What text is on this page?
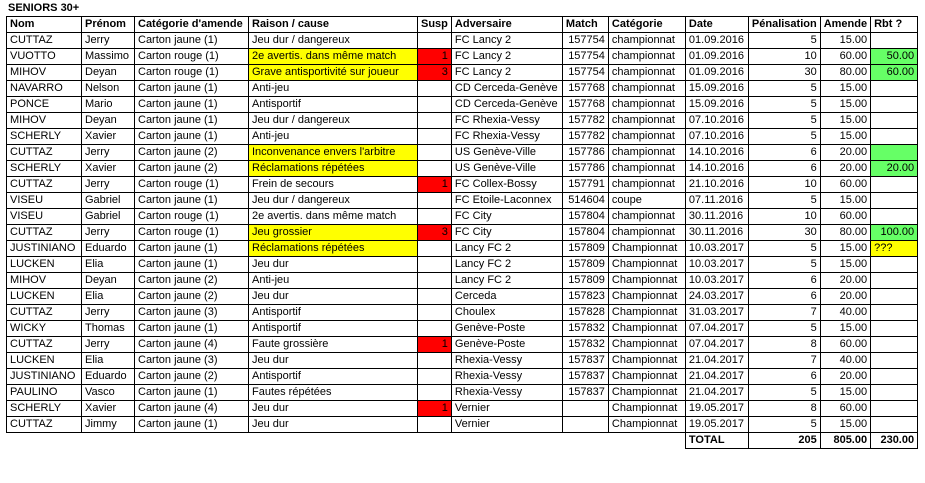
SENIORS 30+
Nom	Prénom	Catégorie d'amende	Raison / cause	Susp	Adversaire	Match	Catégorie	Date	Pénalisation	Amende	Rbt ?
CUTTAZ	Jerry	Carton jaune (1)	Jeu dur / dangereux		FC Lancy 2	157754	championnat	01.09.2016	5	15.00	
VUOTTO	Massimo	Carton rouge (1)	2e avertis. dans même match	1	FC Lancy 2	157754	championnat	01.09.2016	10	60.00	50.00
MIHOV	Deyan	Carton rouge (1)	Grave antisportivité sur joueur	3	FC Lancy 2	157754	championnat	01.09.2016	30	80.00	60.00
NAVARRO	Nelson	Carton jaune (1)	Anti-jeu		CD Cerceda-Genève	157768	championnat	15.09.2016	5	15.00	
PONCE	Mario	Carton jaune (1)	Antisportif		CD Cerceda-Genève	157768	championnat	15.09.2016	5	15.00	
MIHOV	Deyan	Carton jaune (1)	Jeu dur / dangereux		FC Rhexia-Vessy	157782	championnat	07.10.2016	5	15.00	
SCHERLY	Xavier	Carton jaune (1)	Anti-jeu		FC Rhexia-Vessy	157782	championnat	07.10.2016	5	15.00	
CUTTAZ	Jerry	Carton jaune (2)	Inconvenance envers l'arbitre		US Genève-Ville	157786	championnat	14.10.2016	6	20.00	
SCHERLY	Xavier	Carton jaune (2)	Réclamations répétées		US Genève-Ville	157786	championnat	14.10.2016	6	20.00	20.00
CUTTAZ	Jerry	Carton rouge (1)	Frein de secours	1	FC Collex-Bossy	157791	championnat	21.10.2016	10	60.00	
VISEU	Gabriel	Carton jaune (1)	Jeu dur / dangereux		FC Etoile-Laconnex	514604	coupe	07.11.2016	5	15.00	
VISEU	Gabriel	Carton rouge (1)	2e avertis. dans même match		FC City	157804	championnat	30.11.2016	10	60.00	
CUTTAZ	Jerry	Carton rouge (1)	Jeu grossier	3	FC City	157804	championnat	30.11.2016	30	80.00	100.00
JUSTINIANO	Eduardo	Carton jaune (1)	Réclamations répétées		Lancy FC 2	157809	Championnat	10.03.2017	5	15.00	???
LUCKEN	Elia	Carton jaune (1)	Jeu dur		Lancy FC 2	157809	Championnat	10.03.2017	5	15.00	
MIHOV	Deyan	Carton jaune (2)	Anti-jeu		Lancy FC 2	157809	Championnat	10.03.2017	6	20.00	
LUCKEN	Elia	Carton jaune (2)	Jeu dur		Cerceda	157823	Championnat	24.03.2017	6	20.00	
CUTTAZ	Jerry	Carton jaune (3)	Antisportif		Choulex	157828	Championnat	31.03.2017	7	40.00	
WICKY	Thomas	Carton jaune (1)	Antisportif		Genève-Poste	157832	Championnat	07.04.2017	5	15.00	
CUTTAZ	Jerry	Carton jaune (4)	Faute grossière	1	Genève-Poste	157832	Championnat	07.04.2017	8	60.00	
LUCKEN	Elia	Carton jaune (3)	Jeu dur		Rhexia-Vessy	157837	Championnat	21.04.2017	7	40.00	
JUSTINIANO	Eduardo	Carton jaune (2)	Antisportif		Rhexia-Vessy	157837	Championnat	21.04.2017	6	20.00	
PAULINO	Vasco	Carton jaune (1)	Fautes répétées		Rhexia-Vessy	157837	Championnat	21.04.2017	5	15.00	
SCHERLY	Xavier	Carton jaune (4)	Jeu dur	1	Vernier		Championnat	19.05.2017	8	60.00	
CUTTAZ	Jimmy	Carton jaune (1)	Jeu dur		Vernier		Championnat	19.05.2017	5	15.00	
								TOTAL	205	805.00	230.00
